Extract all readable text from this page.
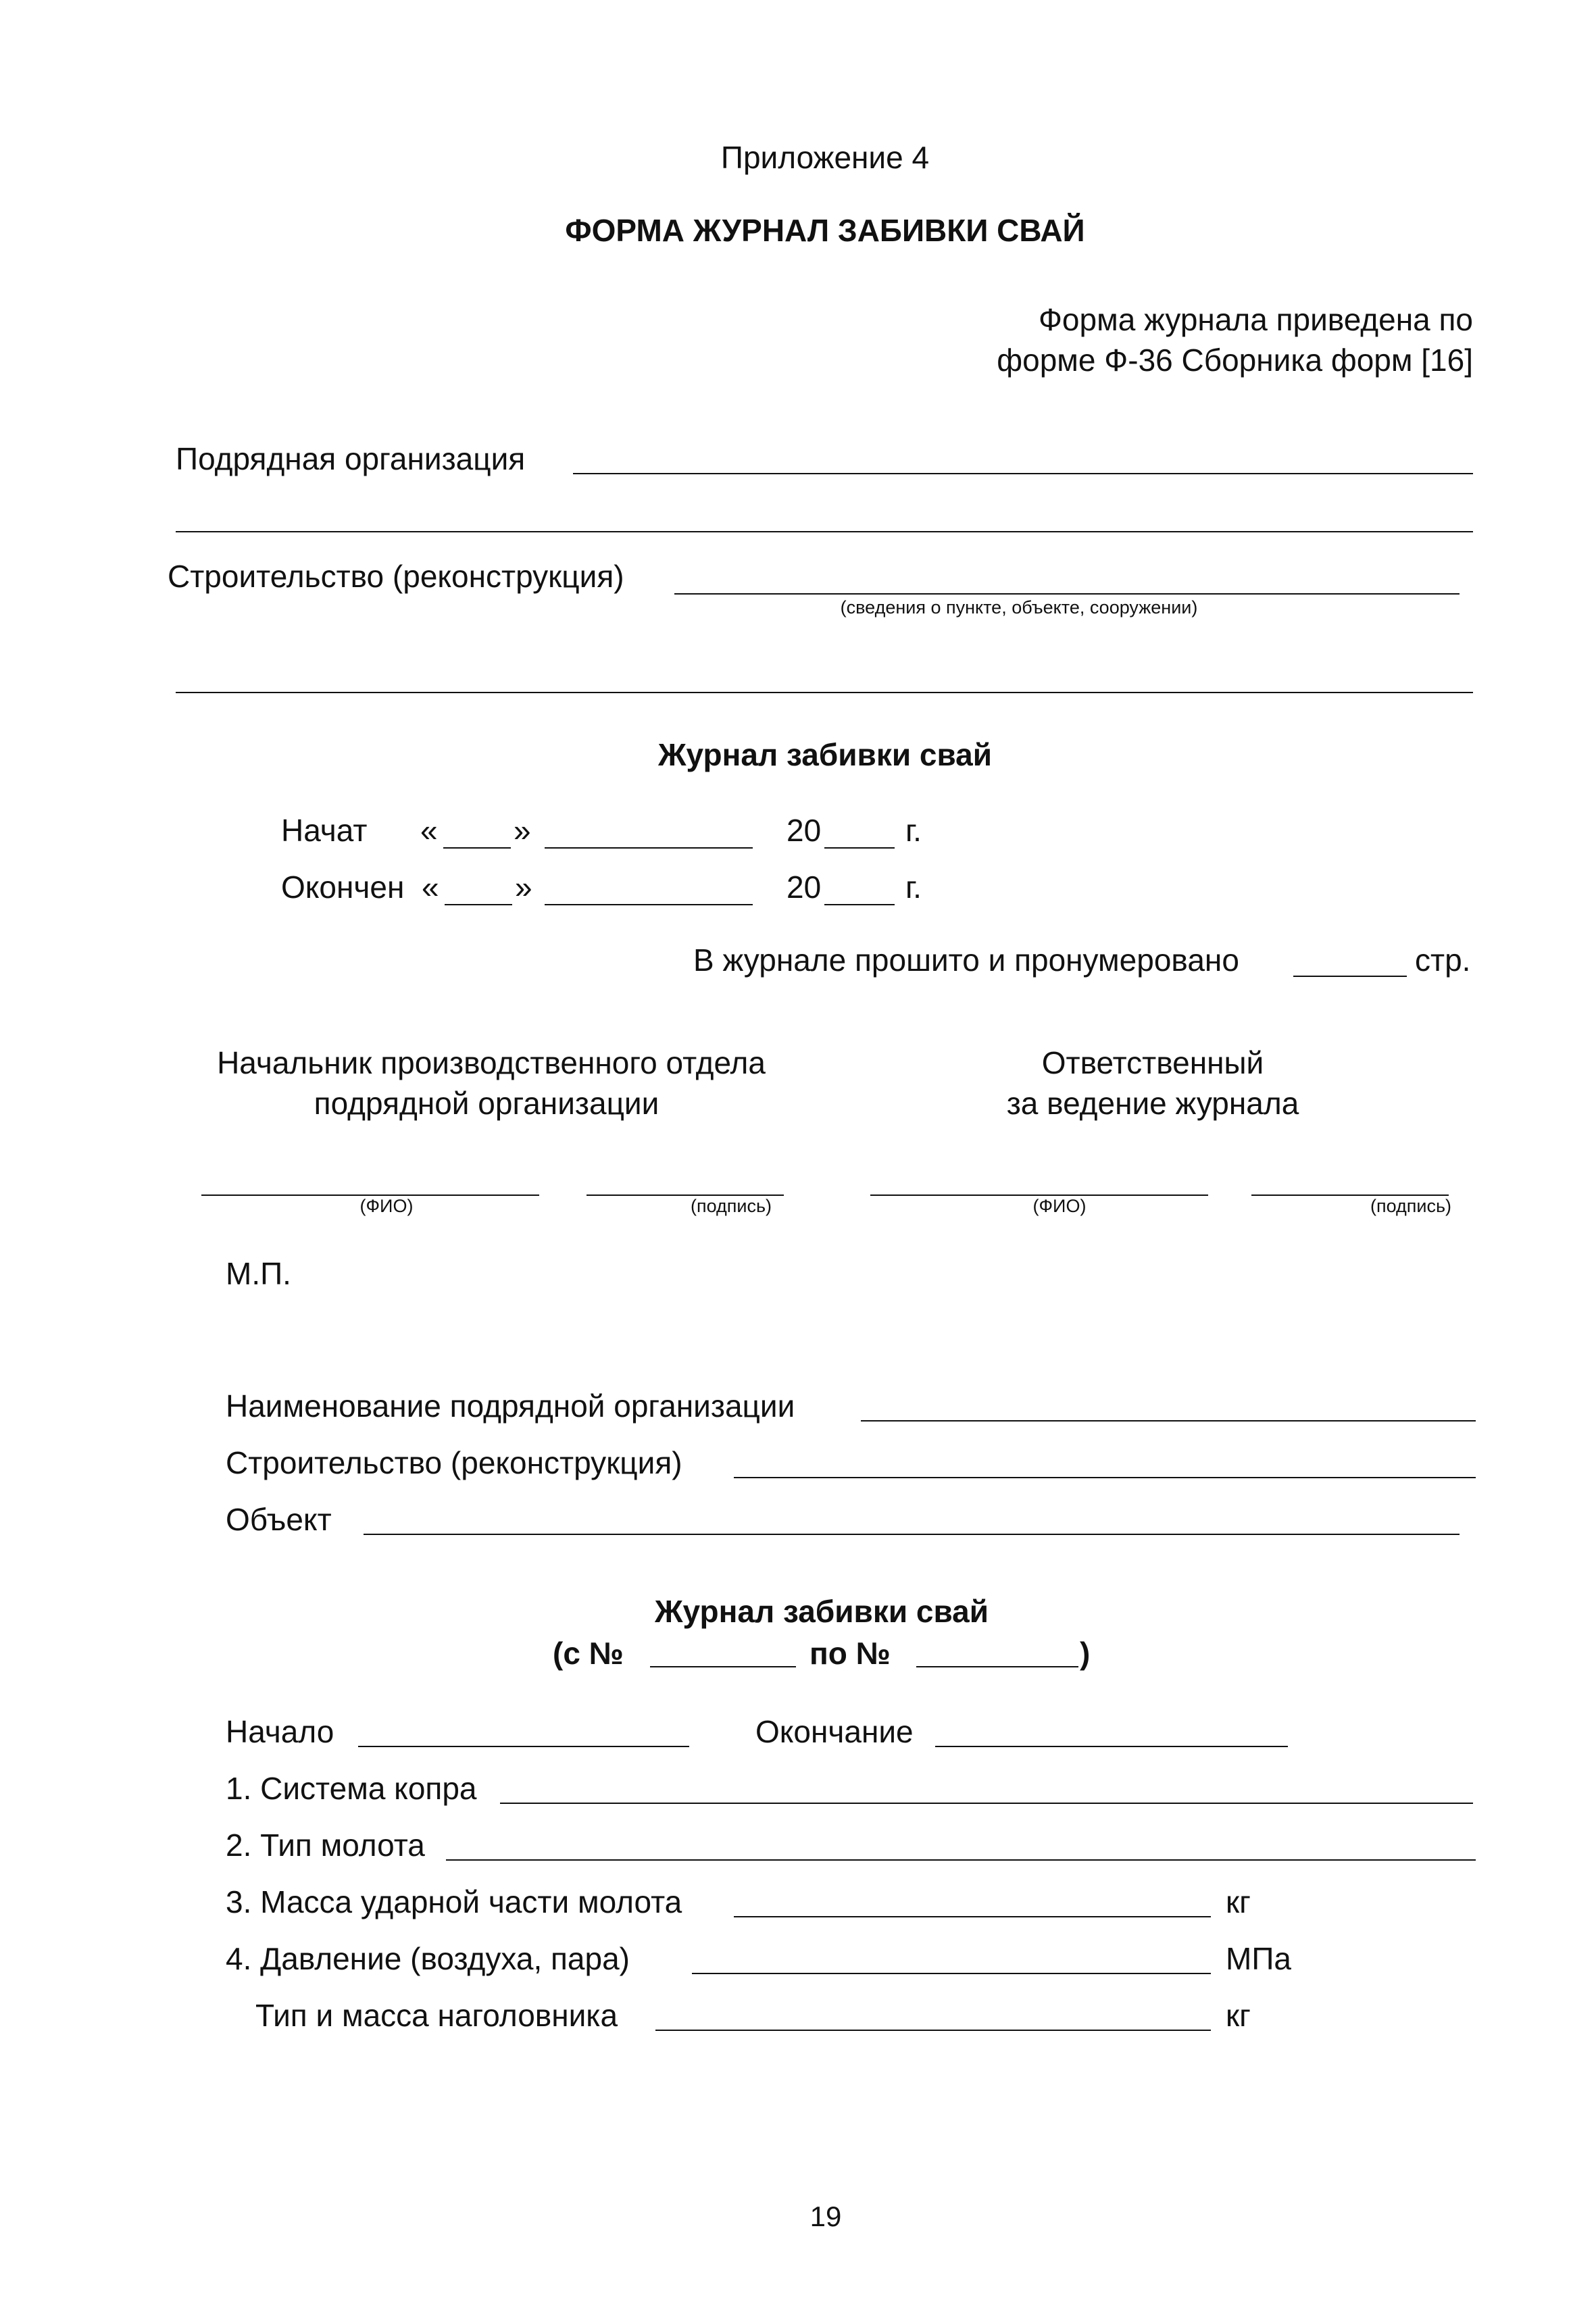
Приложение 4
ФОРМА ЖУРНАЛ ЗАБИВКИ СВАЙ
Форма журнала приведена по
форме Ф-36 Сборника форм [16]
Подрядная организация
Строительство (реконструкция)
(сведения о пункте, объекте, сооружении)
Журнал забивки свай
Начат « »	20	г.
Окончен « »	20	г.
В журнале прошито и пронумеровано	стр.
Начальник производственного отдела
подрядной организации
Ответственный
за ведение журнала
(ФИО)	(подпись)	(ФИО)	(подпись)
М.П.
Наименование подрядной организации
Строительство (реконструкция)
Объект
Журнал забивки свай
(с №	по №	)
Начало	Окончание
1. Система копра
2. Тип молота
3. Масса ударной части молота	кг
4. Давление (воздуха, пара)	МПа
Тип и масса наголовника	кг
19
